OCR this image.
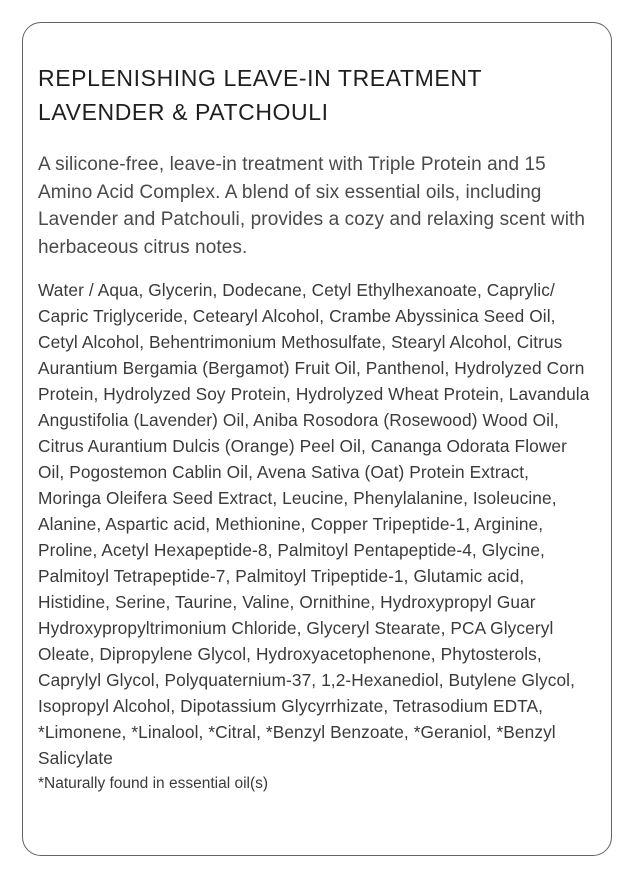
REPLENISHING LEAVE-IN TREATMENT
LAVENDER & PATCHOULI
A silicone-free, leave-in treatment with Triple Protein and 15 Amino Acid Complex. A blend of six essential oils, including Lavender and Patchouli, provides a cozy and relaxing scent with herbaceous citrus notes.
Water / Aqua, Glycerin, Dodecane, Cetyl Ethylhexanoate, Caprylic/ Capric Triglyceride, Cetearyl Alcohol, Crambe Abyssinica Seed Oil, Cetyl Alcohol, Behentrimonium Methosulfate, Stearyl Alcohol, Citrus Aurantium Bergamia (Bergamot) Fruit Oil, Panthenol, Hydrolyzed Corn Protein, Hydrolyzed Soy Protein, Hydrolyzed Wheat Protein, Lavandula Angustifolia (Lavender) Oil, Aniba Rosodora (Rosewood) Wood Oil, Citrus Aurantium Dulcis (Orange) Peel Oil, Cananga Odorata Flower Oil, Pogostemon Cablin Oil, Avena Sativa (Oat) Protein Extract, Moringa Oleifera Seed Extract, Leucine, Phenylalanine, Isoleucine, Alanine, Aspartic acid, Methionine, Copper Tripeptide-1, Arginine, Proline, Acetyl Hexapeptide-8, Palmitoyl Pentapeptide-4, Glycine, Palmitoyl Tetrapeptide-7, Palmitoyl Tripeptide-1, Glutamic acid, Histidine, Serine, Taurine, Valine, Ornithine, Hydroxypropyl Guar Hydroxypropyltrimonium Chloride, Glyceryl Stearate, PCA Glyceryl Oleate, Dipropylene Glycol, Hydroxyacetophenone, Phytosterols, Caprylyl Glycol, Polyquaternium-37, 1,2-Hexanediol, Butylene Glycol, Isopropyl Alcohol, Dipotassium Glycyrrhizate, Tetrasodium EDTA, *Limonene, *Linalool, *Citral, *Benzyl Benzoate, *Geraniol, *Benzyl Salicylate
*Naturally found in essential oil(s)
